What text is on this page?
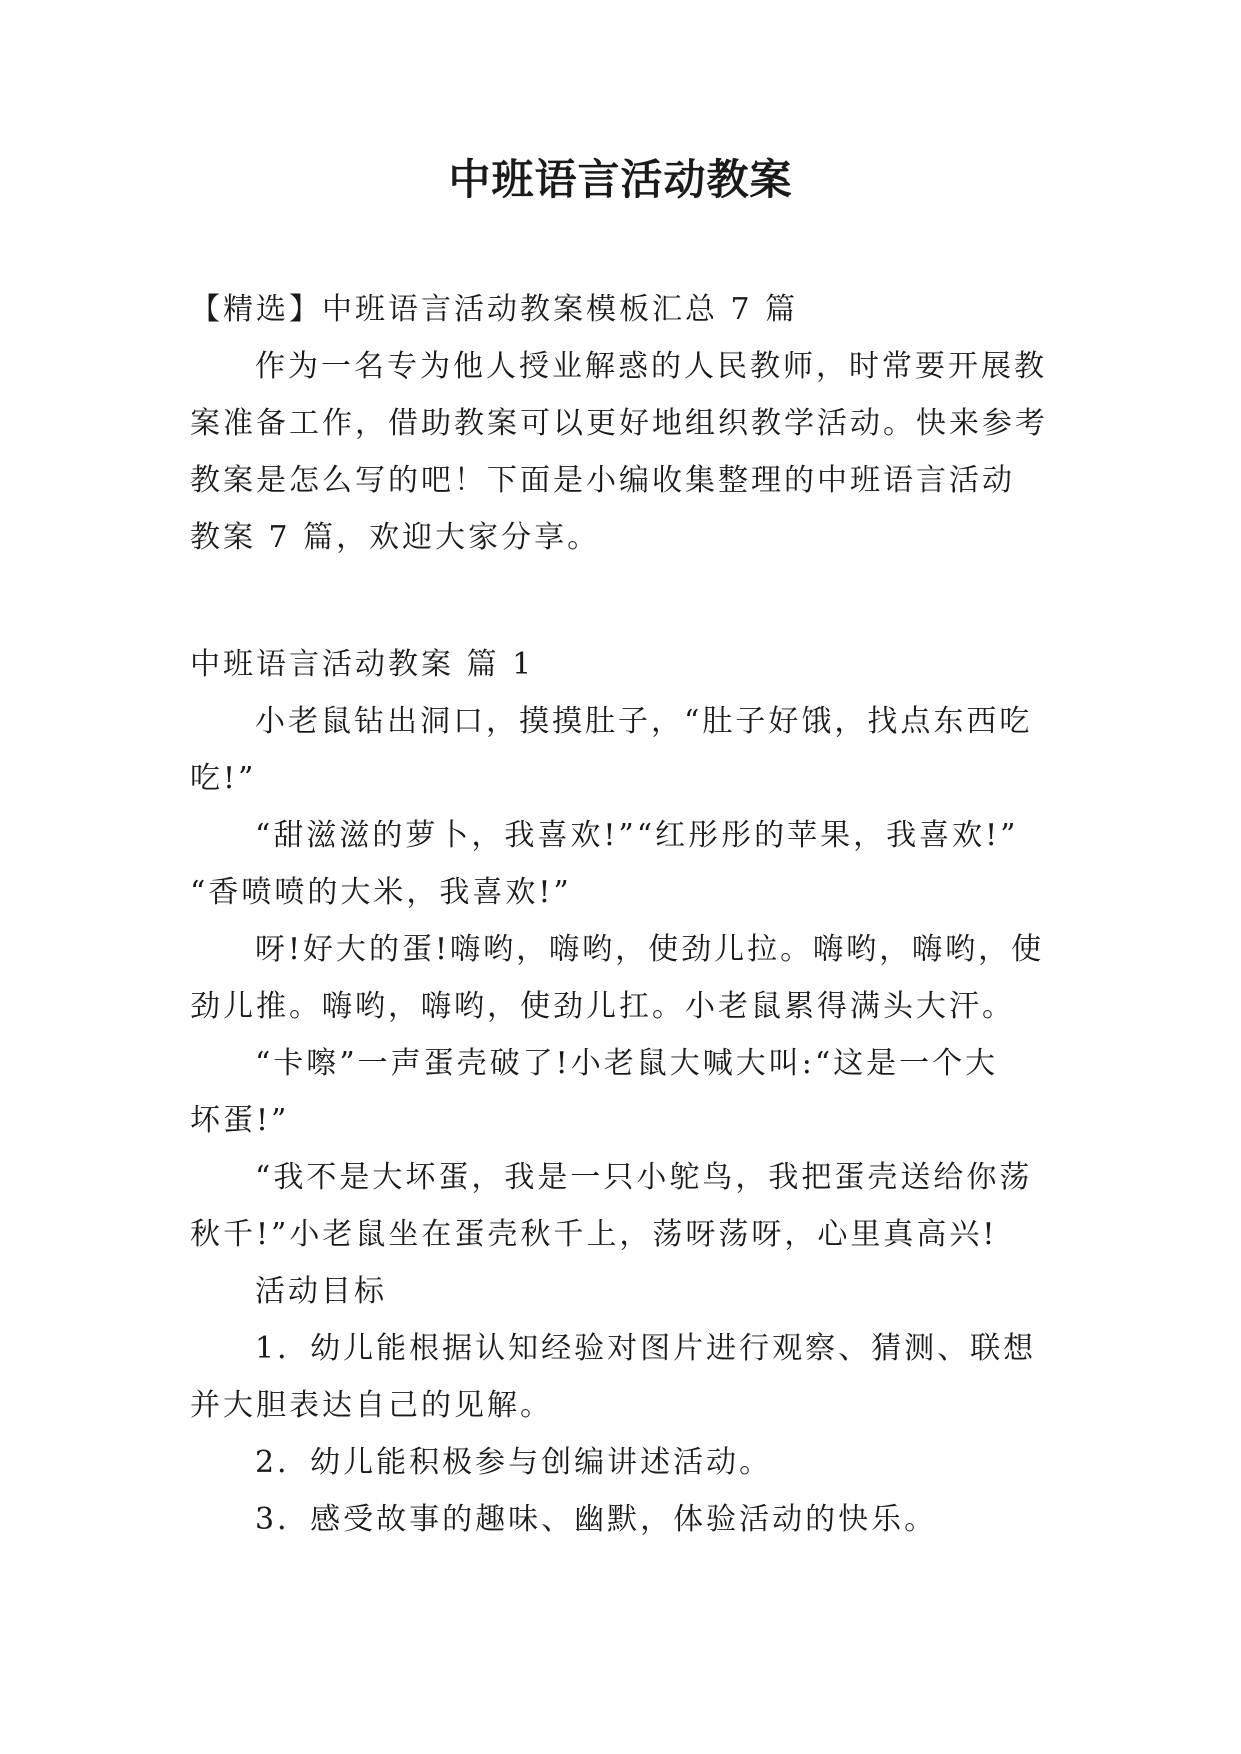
中班语言活动教案
【精选】中班语言活动教案模板汇总 7 篇
作为一名专为他人授业解惑的人民教师，时常要开展教
案准备工作，借助教案可以更好地组织教学活动。快来参考
教案是怎么写的吧！下面是小编收集整理的中班语言活动
教案 7 篇，欢迎大家分享。
中班语言活动教案 篇 1
小老鼠钻出洞口，摸摸肚子，“肚子好饿，找点东西吃
吃!”
“甜滋滋的萝卜，我喜欢!”“红彤彤的苹果，我喜欢!”
“香喷喷的大米，我喜欢!”
呀!好大的蛋!嗨哟，嗨哟，使劲儿拉。嗨哟，嗨哟，使
劲儿推。嗨哟，嗨哟，使劲儿扛。小老鼠累得满头大汗。
“卡嚓”一声蛋壳破了!小老鼠大喊大叫:“这是一个大
坏蛋!”
“我不是大坏蛋，我是一只小鸵鸟，我把蛋壳送给你荡
秋千!”小老鼠坐在蛋壳秋千上，荡呀荡呀，心里真高兴!
活动目标
1．幼儿能根据认知经验对图片进行观察、猜测、联想
并大胆表达自己的见解。
2．幼儿能积极参与创编讲述活动。
3．感受故事的趣味、幽默，体验活动的快乐。
